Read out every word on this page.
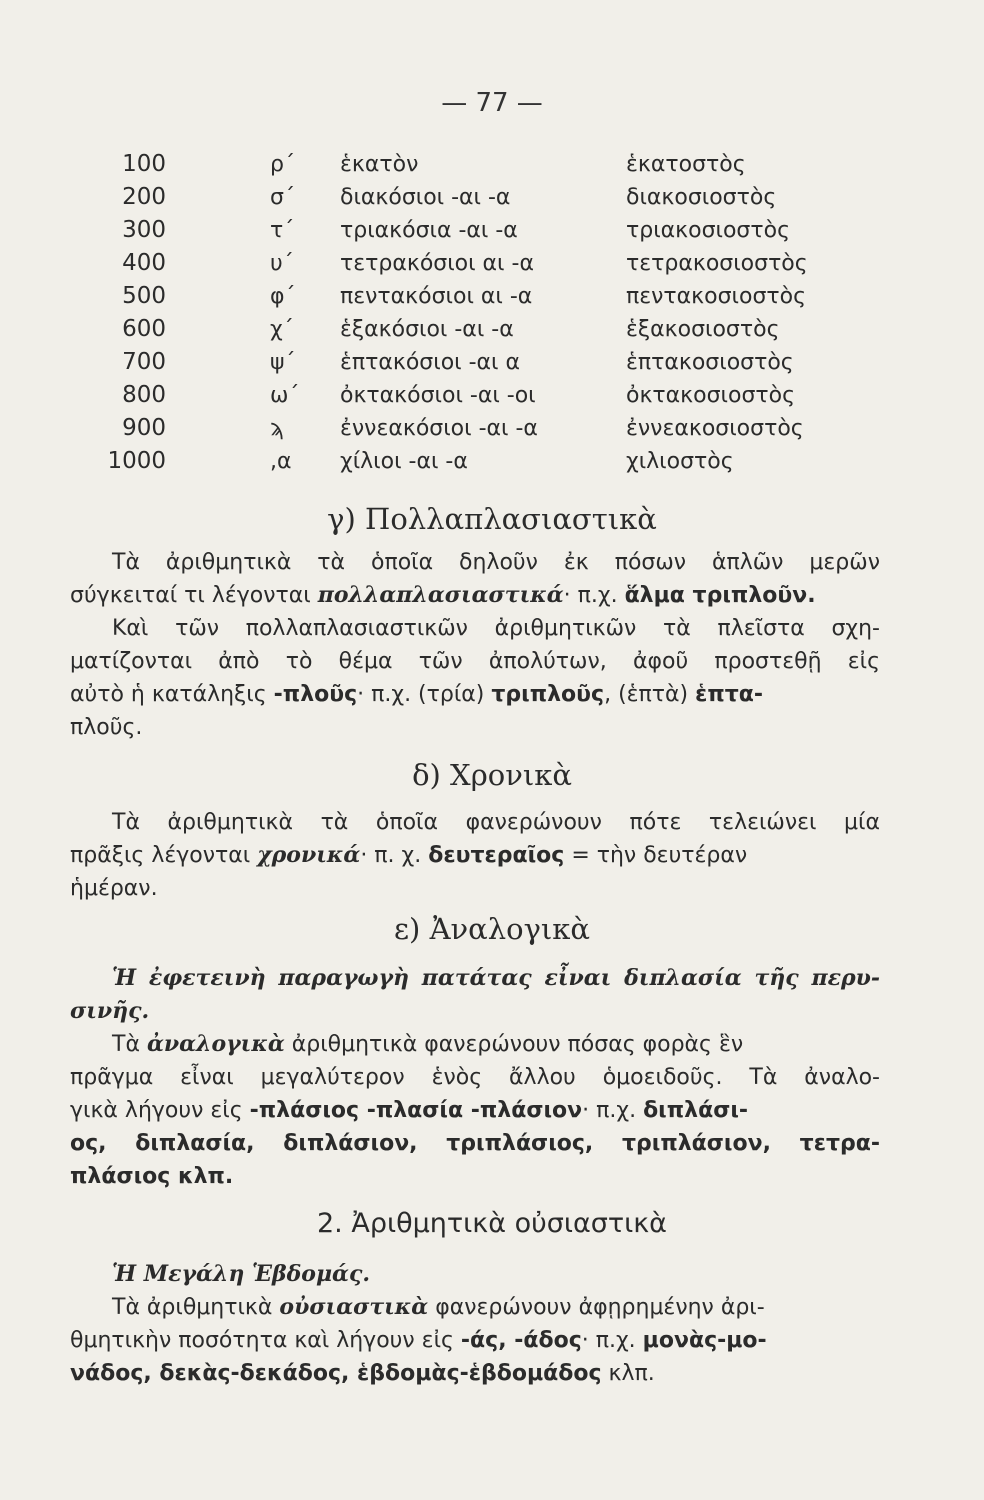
— 77 —
100	ρ΄ ἑκατὸν	ἑκατοστὸς
200	σ΄ διακόσιοι -αι -α	διακοσιοστὸς
300	τ΄ τριακόσια -αι -α	τριακοσιοστὸς
400	υ΄ τετρακόσιοι αι -α	τετρακοσιοστὸς
500	φ΄ πεντακόσιοι αι -α	πεντακοσιοστὸς
600	χ΄ ἑξακόσιοι -αι -α	ἑξακοσιοστὸς
700	ψ΄ ἑπτακόσιοι -αι α	ἑπτακοσιοστὸς
800	ω΄ ὀκτακόσιοι -αι -οι	ὀκτακοσιοστὸς
900	ϡ	ἐννεακόσιοι -αι -α	ἐννεακοσιοστὸς
1000	,α χίλιοι -αι -α	χιλιοστὸς
γ) Πολλαπλασιαστικὰ
Τὰ ἀριθμητικὰ τὰ ὁποῖα δηλοῦν ἐκ πόσων ἁπλῶν μερῶν
σύγκειταί τι λέγονται πολλαπλασιαστικά· π.χ. ἅλμα τριπλοῦν.
Καὶ τῶν πολλαπλασιαστικῶν ἀριθμητικῶν τὰ πλεῖστα σχη-
ματίζονται ἀπὸ τὸ θέμα τῶν ἀπολύτων, ἀφοῦ προστεθῇ εἰς
αὐτὸ ἡ κατάληξις -πλοῦς· π.χ. (τρία) τριπλοῦς, (ἑπτὰ) ἑπτα-
πλοῦς.
δ) Χρονικὰ
Τὰ ἀριθμητικὰ τὰ ὁποῖα φανερώνουν πότε τελειώνει μία
πρᾶξις λέγονται χρονικά· π. χ. δευτεραῖος = τὴν δευτέραν
ἡμέραν.
ε) Ἀναλογικὰ
Ἡ ἐφετεινὴ παραγωγὴ πατάτας εἶναι διπλασία τῆς περυ-
σινῆς.
Τὰ ἀναλογικὰ ἀριθμητικὰ φανερώνουν πόσας φορὰς ἓν
πρᾶγμα εἶναι μεγαλύτερον ἑνὸς ἄλλου ὁμοειδοῦς. Τὰ ἀναλο-
γικὰ λήγουν εἰς -πλάσιος -πλασία -πλάσιον· π.χ. διπλάσι-
ος, διπλασία, διπλάσιον, τριπλάσιος, τριπλάσιον, τετρα-
πλάσιος κλπ.
2. Ἀριθμητικὰ οὐσιαστικὰ
Ἡ Μεγάλη Ἑβδομάς.
Τὰ ἀριθμητικὰ οὐσιαστικὰ φανερώνουν ἀφῃρημένην ἀρι-
θμητικὴν ποσότητα καὶ λήγουν εἰς -άς, -άδος· π.χ. μονὰς-μο-
νάδος, δεκὰς-δεκάδος, ἑβδομὰς-ἑβδομάδος κλπ.
